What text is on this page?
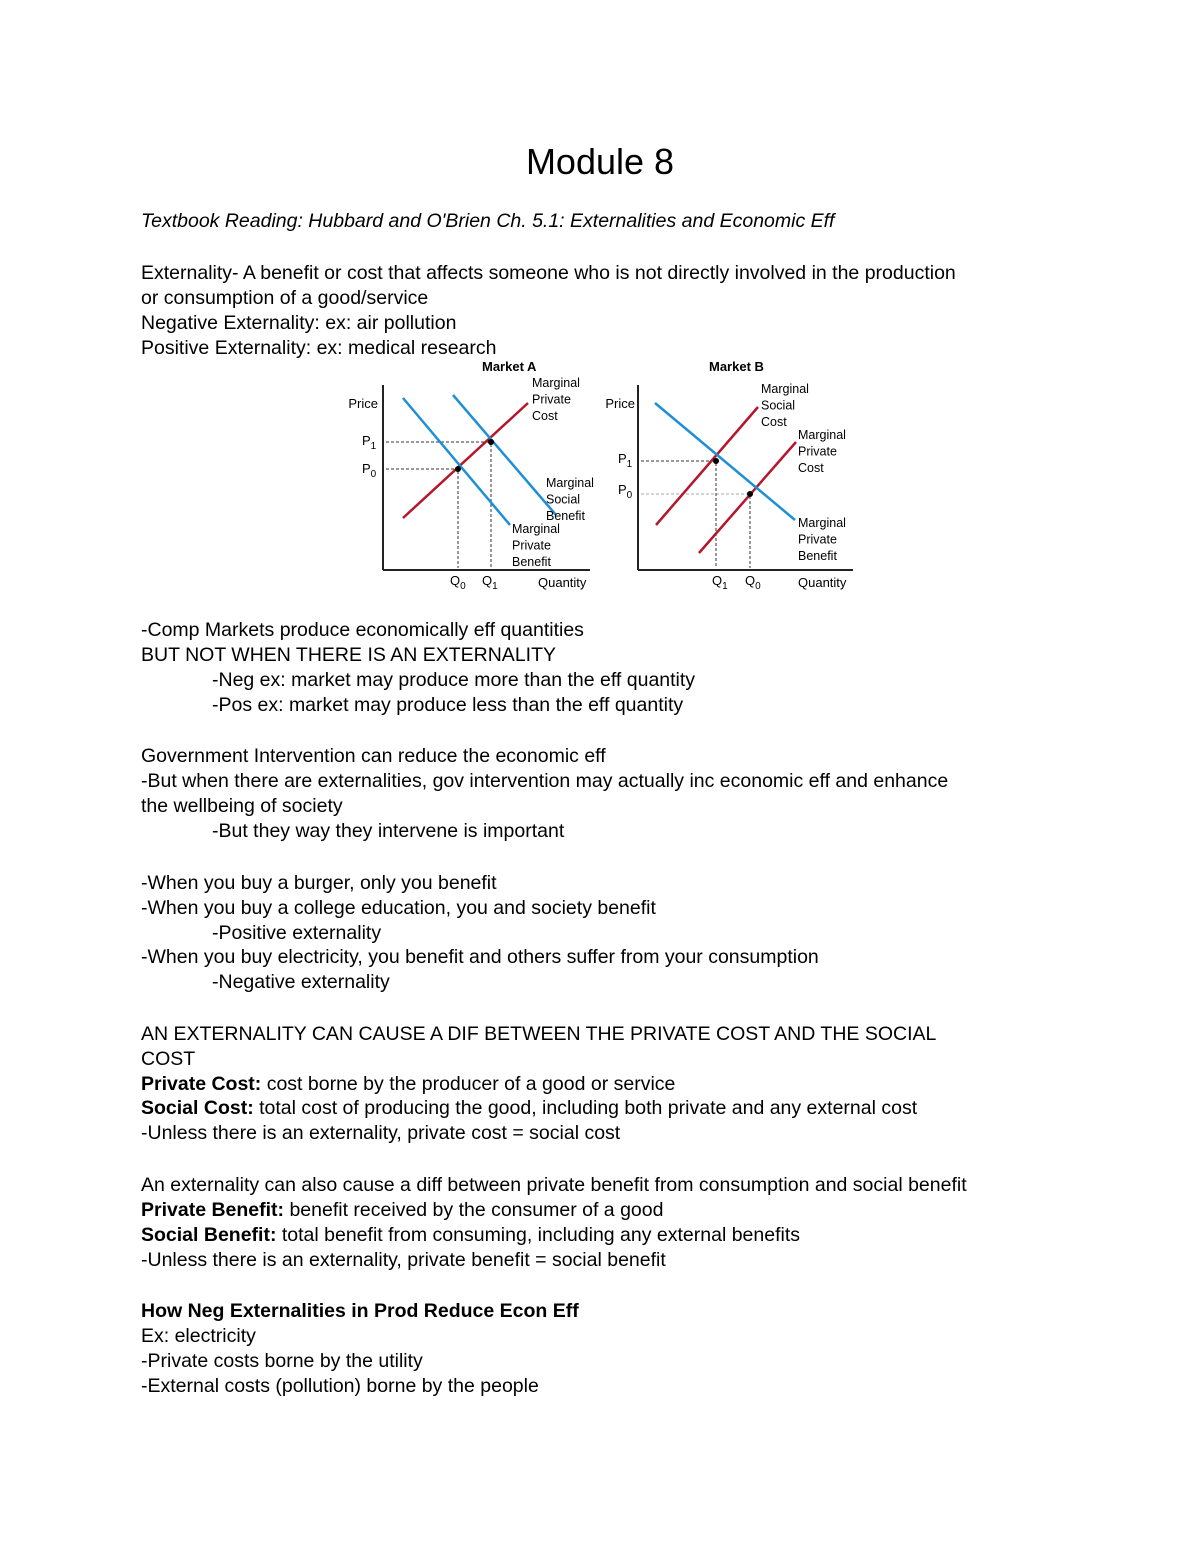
Module 8
Textbook Reading: Hubbard and O'Brien Ch. 5.1: Externalities and Economic Eff
Externality- A benefit or cost that affects someone who is not directly involved in the production
or consumption of a good/service
Negative Externality: ex: air pollution
Positive Externality: ex: medical research
Market A
Price
Quantity
$P_1$
$P_0$
$Q_0$ $Q_1$
Marginal Private Cost
Marginal Social Benefit
Marginal Private Benefit
Market B
Price
Quantity
$P_1$
$P_0$
$Q_1$ $Q_0$
Marginal Social Cost
Marginal Private Cost
Marginal Private Benefit
-Comp Markets produce economically eff quantities
BUT NOT WHEN THERE IS AN EXTERNALITY
-Neg ex: market may produce more than the eff quantity
-Pos ex: market may produce less than the eff quantity
Government Intervention can reduce the economic eff
-But when there are externalities, gov intervention may actually inc economic eff and enhance
the wellbeing of society
-But they way they intervene is important
-When you buy a burger, only you benefit
-When you buy a college education, you and society benefit
-Positive externality
-When you buy electricity, you benefit and others suffer from your consumption
-Negative externality
AN EXTERNALITY CAN CAUSE A DIF BETWEEN THE PRIVATE COST AND THE SOCIAL
COST
Private Cost: cost borne by the producer of a good or service
Social Cost: total cost of producing the good, including both private and any external cost
-Unless there is an externality, private cost = social cost
An externality can also cause a diff between private benefit from consumption and social benefit
Private Benefit: benefit received by the consumer of a good
Social Benefit: total benefit from consuming, including any external benefits
-Unless there is an externality, private benefit = social benefit
How Neg Externalities in Prod Reduce Econ Eff
Ex: electricity
-Private costs borne by the utility
-External costs (pollution) borne by the people
